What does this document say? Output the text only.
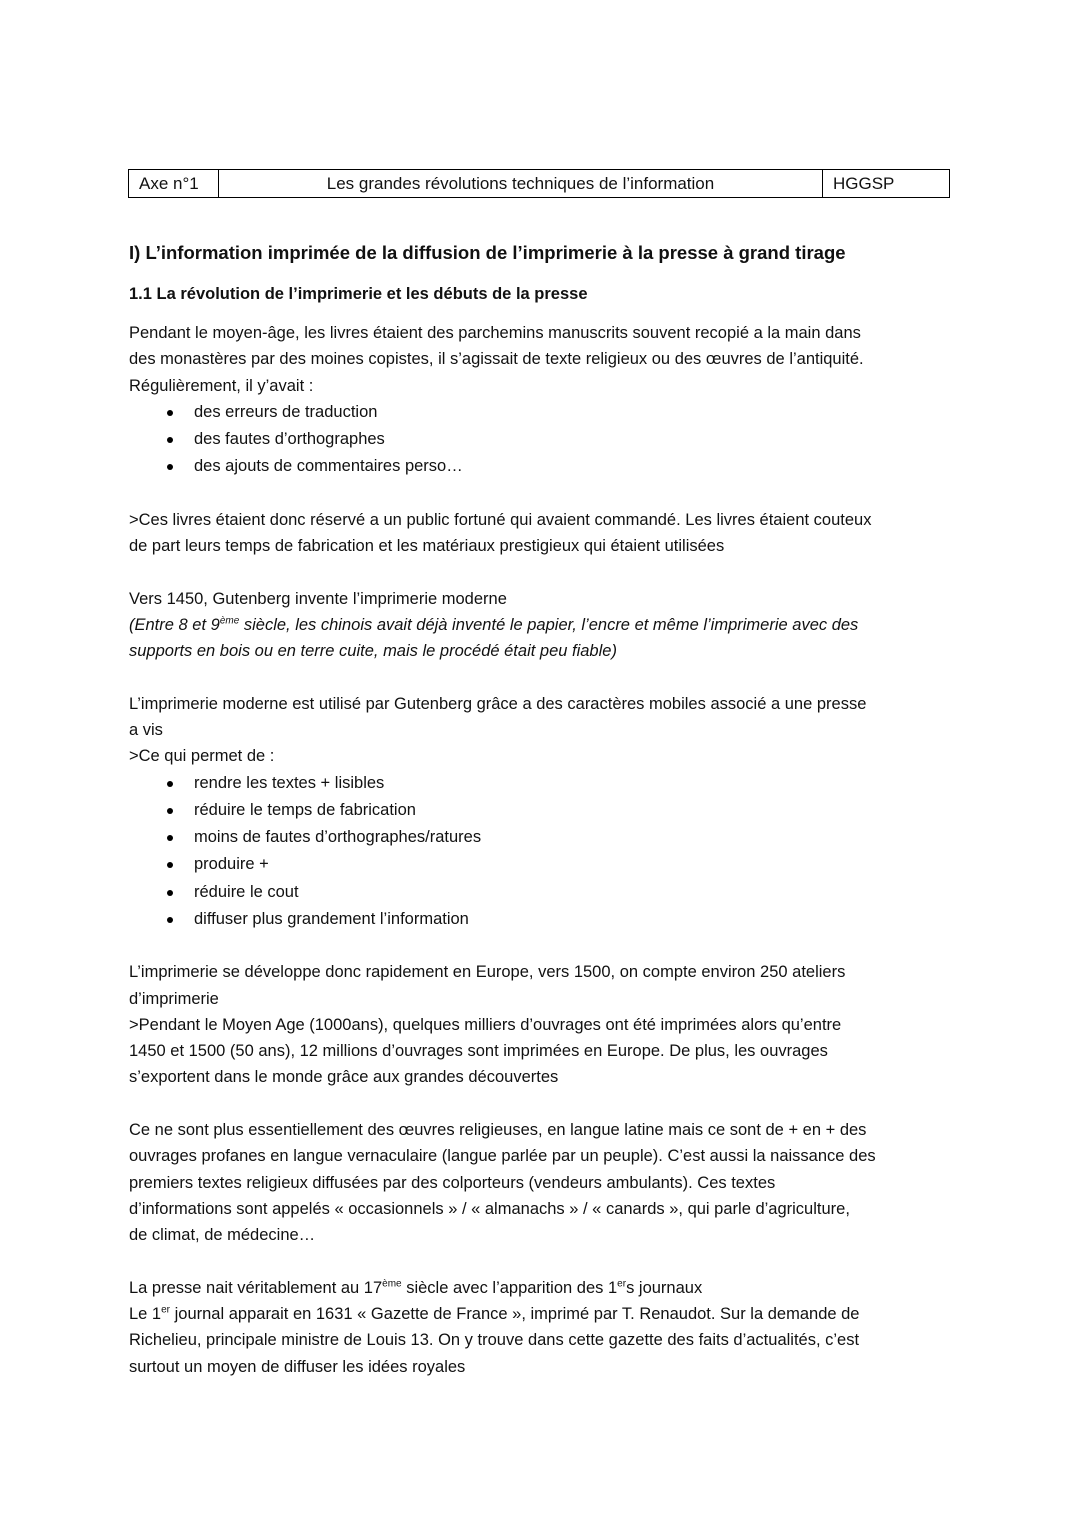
Axe n°1	Les grandes révolutions techniques de l’information	HGGSP
I) L’information imprimée de la diffusion de l’imprimerie à la presse à grand tirage
1.1 La révolution de l’imprimerie et les débuts de la presse

Pendant le moyen-âge, les livres étaient des parchemins manuscrits souvent recopié a la main dans

des monastères par des moines copistes, il s’agissait de texte religieux ou des œuvres de l’antiquité.

Régulièrement, il y’avait :

des erreurs de traduction
des fautes d’orthographes
des ajouts de commentaires perso…

>Ces livres étaient donc réservé a un public fortuné qui avaient commandé. Les livres étaient couteux

de part leurs temps de fabrication et les matériaux prestigieux qui étaient utilisées

Vers 1450, Gutenberg invente l’imprimerie moderne

(Entre 8 et 9ème siècle, les chinois avait déjà inventé le papier, l’encre et même l’imprimerie avec des

supports en bois ou en terre cuite, mais le procédé était peu fiable)

L’imprimerie moderne est utilisé par Gutenberg grâce a des caractères mobiles associé a une presse

a vis

>Ce qui permet de :

rendre les textes + lisibles
réduire le temps de fabrication
moins de fautes d’orthographes/ratures
produire +
réduire le cout
diffuser plus grandement l’information

L’imprimerie se développe donc rapidement en Europe, vers 1500, on compte environ 250 ateliers

d’imprimerie

>Pendant le Moyen Age (1000ans), quelques milliers d’ouvrages ont été imprimées alors qu’entre

1450 et 1500 (50 ans), 12 millions d’ouvrages sont imprimées en Europe. De plus, les ouvrages

s’exportent dans le monde grâce aux grandes découvertes

Ce ne sont plus essentiellement des œuvres religieuses, en langue latine mais ce sont de + en + des

ouvrages profanes en langue vernaculaire (langue parlée par un peuple). C’est aussi la naissance des

premiers textes religieux diffusées par des colporteurs (vendeurs ambulants). Ces textes

d’informations sont appelés « occasionnels » / « almanachs » / « canards », qui parle d’agriculture,

de climat, de médecine…

La presse nait véritablement au 17ème siècle avec l’apparition des 1ers journaux

Le 1er journal apparait en 1631 « Gazette de France », imprimé par T. Renaudot. Sur la demande de

Richelieu, principale ministre de Louis 13. On y trouve dans cette gazette des faits d’actualités, c’est

surtout un moyen de diffuser les idées royales
